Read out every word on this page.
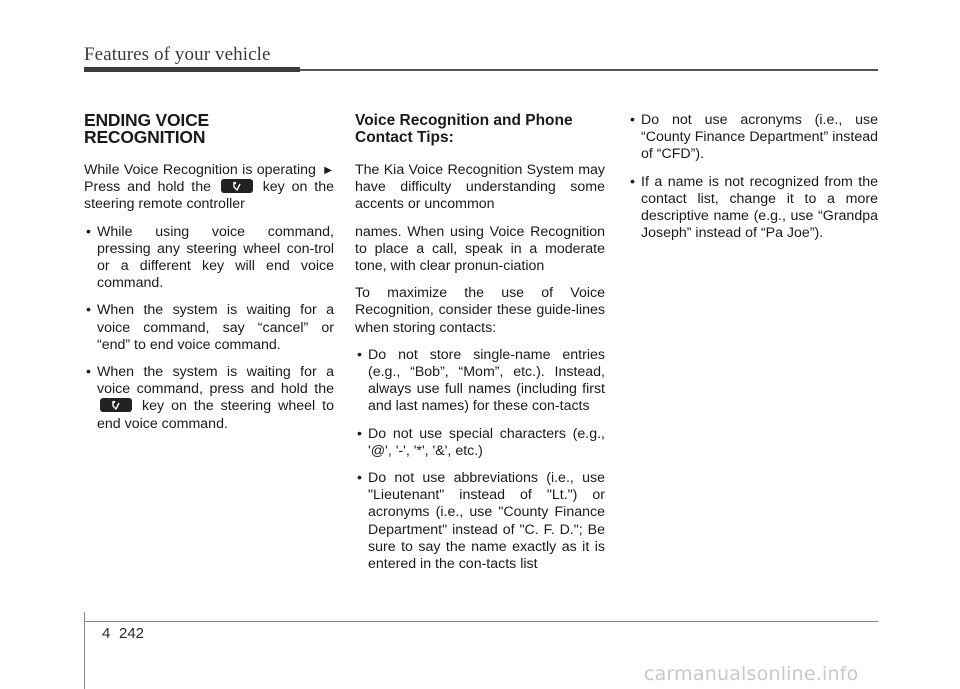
Features of your vehicle
ENDING VOICE RECOGNITION

While Voice Recognition is operating ▶Press and hold the	key on the steering remote controller

• While using voice command, pressing any steering wheel con-trol or a different key will end voice command.
• When the system is waiting for a voice command, say “cancel” or “end” to end voice command.
• When the system is waiting for a voice command, press and hold the
key on the steering wheel to end voice command.
Voice Recognition and Phone Contact Tips:

The Kia Voice Recognition System may have difficulty understanding some accents or uncommon

names. When using Voice Recognition to place a call, speak in a moderate tone, with clear pronun-ciation

To maximize the use of Voice Recognition, consider these guide-lines when storing contacts:

• Do not store single-name entries (e.g., “Bob”, “Mom”, etc.). Instead, always use full names (including first and last names) for these con-tacts
• Do not use special characters (e.g., '@', '-', '*', '&', etc.)
• Do not use abbreviations (i.e., use "Lieutenant" instead of "Lt.") or acronyms (i.e., use "County Finance Department" instead of "C. F. D."; Be sure to say the name exactly as it is entered in the con-tacts list
• Do not use acronyms (i.e., use “County Finance Department” instead of “CFD”).
• If a name is not recognized from the contact list, change it to a more descriptive name (e.g., use “Grandpa Joseph” instead of “Pa Joe”).
4 242
carmanualsonline.info
